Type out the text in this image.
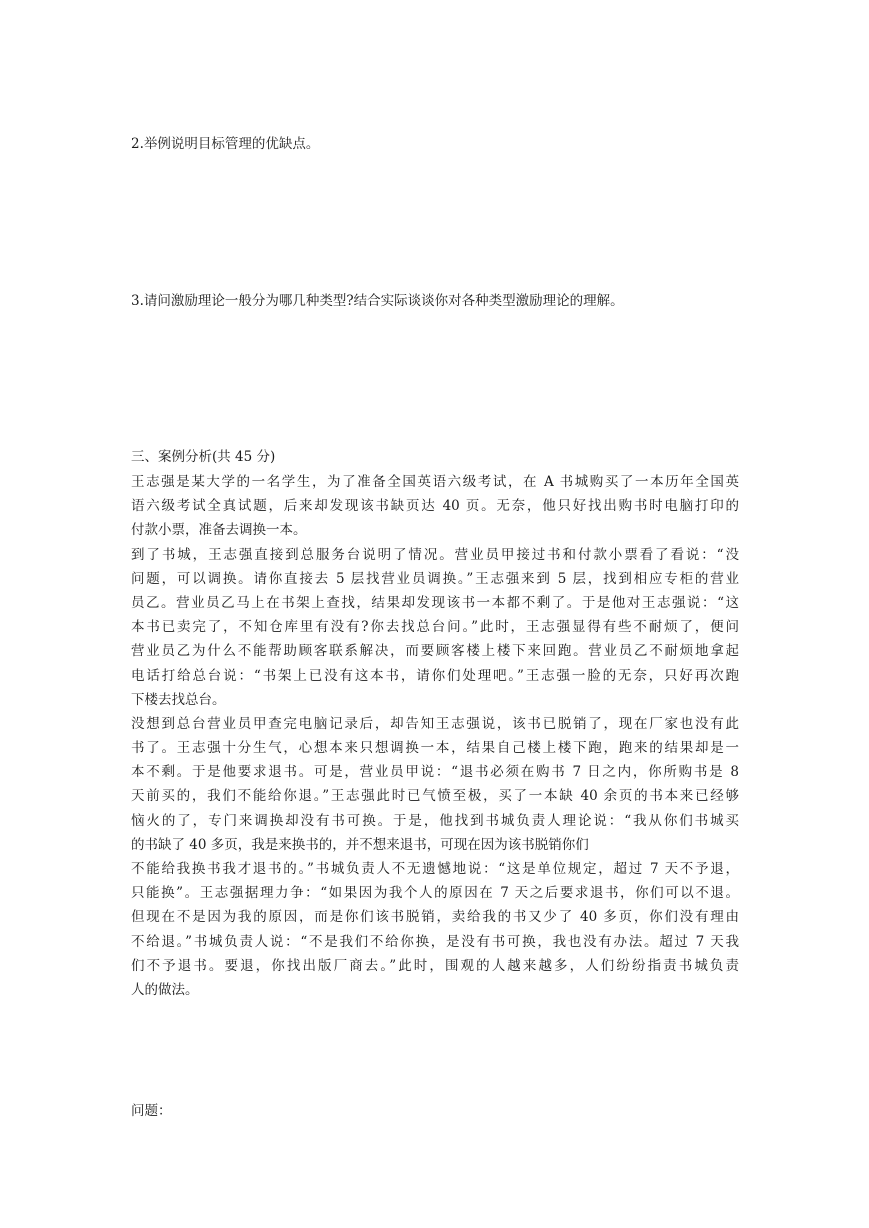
2.举例说明目标管理的优缺点。
3.请问激励理论一般分为哪几种类型?结合实际谈谈你对各种类型激励理论的理解。
三、案例分析(共 45 分)
王志强是某大学的一名学生，为了准备全国英语六级考试，在 A 书城购买了一本历年全国英
语六级考试全真试题，后来却发现该书缺页达 40 页。无奈，他只好找出购书时电脑打印的
付款小票，准备去调换一本。
到了书城，王志强直接到总服务台说明了情况。营业员甲接过书和付款小票看了看说：“没
问题，可以调换。请你直接去 5 层找营业员调换。”王志强来到 5 层，找到相应专柜的营业
员乙。营业员乙马上在书架上查找，结果却发现该书一本都不剩了。于是他对王志强说：“这
本书已卖完了，不知仓库里有没有?你去找总台问。”此时，王志强显得有些不耐烦了，便问
营业员乙为什么不能帮助顾客联系解决，而要顾客楼上楼下来回跑。营业员乙不耐烦地拿起
电话打给总台说：“书架上已没有这本书，请你们处理吧。”王志强一脸的无奈，只好再次跑
下楼去找总台。
没想到总台营业员甲查完电脑记录后，却告知王志强说，该书已脱销了，现在厂家也没有此
书了。王志强十分生气，心想本来只想调换一本，结果自己楼上楼下跑，跑来的结果却是一
本不剩。于是他要求退书。可是，营业员甲说：“退书必须在购书 7 日之内，你所购书是 8
天前买的，我们不能给你退。”王志强此时已气愤至极，买了一本缺 40 余页的书本来已经够
恼火的了，专门来调换却没有书可换。于是，他找到书城负责人理论说：“我从你们书城买
的书缺了 40 多页，我是来换书的，并不想来退书，可现在因为该书脱销你们
不能给我换书我才退书的。”书城负责人不无遗憾地说：“这是单位规定，超过 7 天不予退，
只能换”。王志强据理力争：“如果因为我个人的原因在 7 天之后要求退书，你们可以不退。
但现在不是因为我的原因，而是你们该书脱销，卖给我的书又少了 40 多页，你们没有理由
不给退。”书城负责人说：“不是我们不给你换，是没有书可换，我也没有办法。超过 7 天我
们不予退书。要退，你找出版厂商去。”此时，围观的人越来越多，人们纷纷指责书城负责
人的做法。
问题：
